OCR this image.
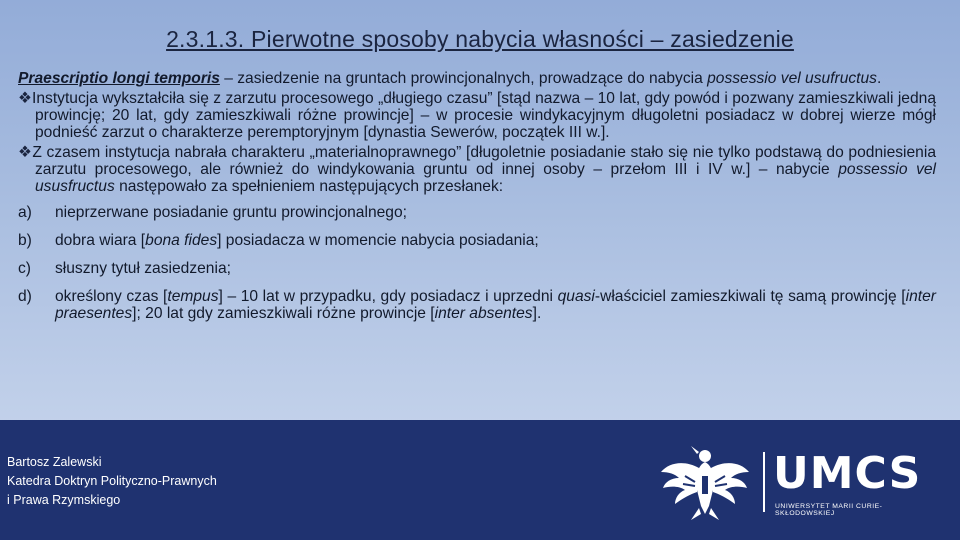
2.3.1.3. Pierwotne sposoby nabycia własności – zasiedzenie

Praescriptio longi temporis – zasiedzenie na gruntach prowincjonalnych, prowadzące do nabycia possessio vel usufructus.

❖Instytucja wykształciła się z zarzutu procesowego „długiego czasu” [stąd nazwa – 10 lat, gdy powód i pozwany zamieszkiwali jedną prowincję; 20 lat, gdy zamieszkiwali różne prowincje] – w procesie windykacyjnym długoletni posiadacz w dobrej wierze mógł podnieść zarzut o charakterze peremptoryjnym [dynastia Sewerów, początek III w.].

❖Z czasem instytucja nabrała charakteru „materialnoprawnego” [długoletnie posiadanie stało się nie tylko podstawą do podniesienia zarzutu procesowego, ale również do windykowania gruntu od innej osoby – przełom III i IV w.] – nabycie possessio vel ususfructus następowało za spełnieniem następujących przesłanek:

a)	nieprzerwane posiadanie gruntu prowincjonalnego;
b)	dobra wiara [bona fides] posiadacza w momencie nabycia posiadania;
c)	słuszny tytuł zasiedzenia;
d)	określony czas [tempus] – 10 lat w przypadku, gdy posiadacz i uprzedni quasi-właściciel zamieszkiwali tę samą prowincję [inter praesentes]; 20 lat gdy zamieszkiwali różne prowincje [inter absentes].
Bartosz Zalewski
Katedra Doktryn Polityczno-Prawnych
i Prawa Rzymskiego
UMCS
UNIWERSYTET MARII CURIE-SKŁODOWSKIEJ
